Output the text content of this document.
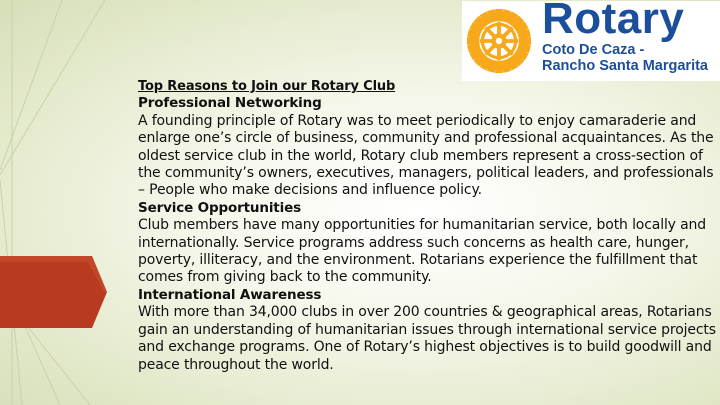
Rotary
Coto De Caza -
Rancho Santa Margarita

Top Reasons to Join our Rotary Club

Professional Networking

A founding principle of Rotary was to meet periodically to enjoy camaraderie and enlarge one’s circle of business, community and professional acquaintances. As the oldest service club in the world, Rotary club members represent a cross-section of the community’s owners, executives, managers, political leaders, and professionals – People who make decisions and influence policy.

Service Opportunities

Club members have many opportunities for humanitarian service, both locally and internationally. Service programs address such concerns as health care, hunger, poverty, illiteracy, and the environment. Rotarians experience the fulfillment that comes from giving back to the community.

International Awareness

With more than 34,000 clubs in over 200 countries & geographical areas, Rotarians gain an understanding of humanitarian issues through international service projects and exchange programs. One of Rotary’s highest objectives is to build goodwill and peace throughout the world.
